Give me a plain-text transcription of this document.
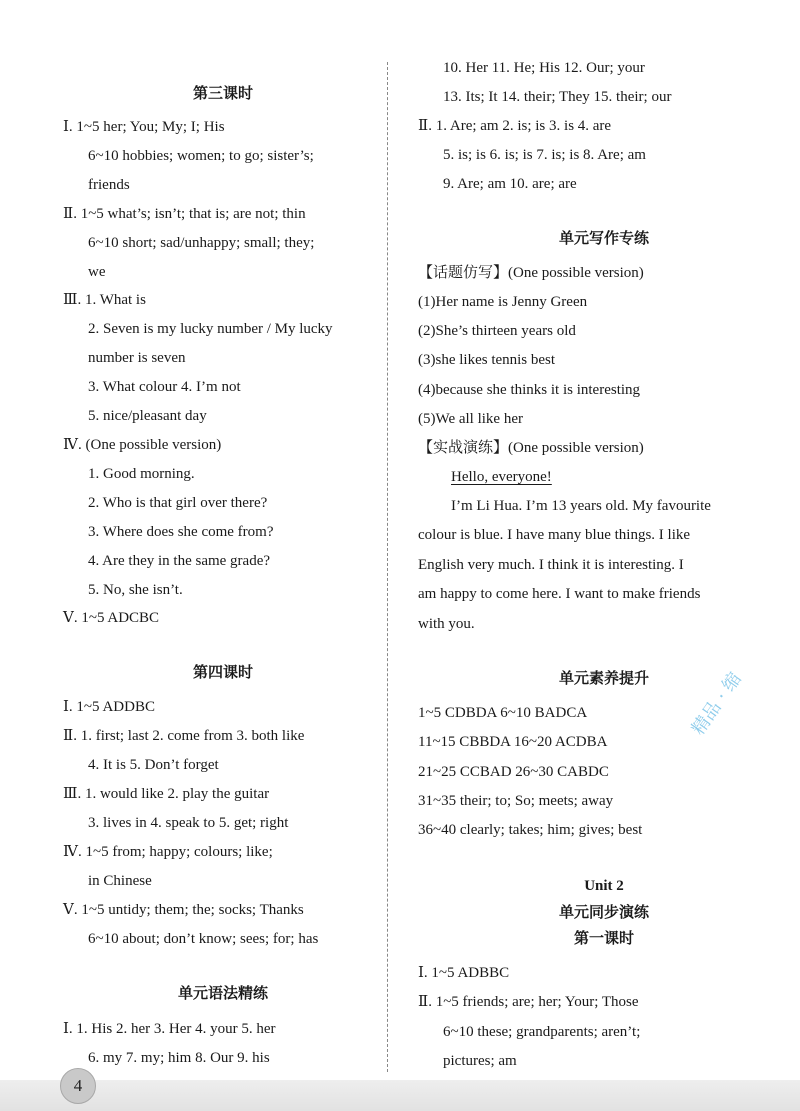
第三课时
Ⅰ. 1~5 her; You; My; I; His
6~10 hobbies; women; to go; sister’s;
friends
Ⅱ. 1~5 what’s; isn’t; that is; are not; thin
6~10 short; sad/unhappy; small; they;
we
Ⅲ. 1. What is
2. Seven is my lucky number / My lucky
number is seven
3. What colour 4. I’m not
5. nice/pleasant day
Ⅳ. (One possible version)
1. Good morning.
2. Who is that girl over there?
3. Where does she come from?
4. Are they in the same grade?
5. No, she isn’t.
Ⅴ. 1~5 ADCBC
第四课时
Ⅰ. 1~5 ADDBC
Ⅱ. 1. first; last 2. come from 3. both like
4. It is 5. Don’t forget
Ⅲ. 1. would like 2. play the guitar
3. lives in 4. speak to 5. get; right
Ⅳ. 1~5 from; happy; colours; like;
in Chinese
Ⅴ. 1~5 untidy; them; the; socks; Thanks
6~10 about; don’t know; sees; for; has
单元语法精练
Ⅰ. 1. His 2. her 3. Her 4. your 5. her
6. my 7. my; him 8. Our 9. his
10. Her 11. He; His 12. Our; your
13. Its; It 14. their; They 15. their; our
Ⅱ. 1. Are; am 2. is; is 3. is 4. are
5. is; is 6. is; is 7. is; is 8. Are; am
9. Are; am 10. are; are
单元写作专练
【话题仿写】(One possible version)
(1)Her name is Jenny Green
(2)She’s thirteen years old
(3)she likes tennis best
(4)because she thinks it is interesting
(5)We all like her
【实战演练】(One possible version)
Hello, everyone!
I’m Li Hua. I’m 13 years old. My favourite
colour is blue. I have many blue things. I like
English very much. I think it is interesting. I
am happy to come here. I want to make friends
with you.
单元素养提升
1~5 CDBDA 6~10 BADCA
11~15 CBBDA 16~20 ACDBA
21~25 CCBAD 26~30 CABDC
31~35 their; to; So; meets; away
36~40 clearly; takes; him; gives; best
Unit 2
单元同步演练
第一课时
Ⅰ. 1~5 ADBBC
Ⅱ. 1~5 friends; are; her; Your; Those
6~10 these; grandparents; aren’t;
pictures; am
精品 · 缩
4
